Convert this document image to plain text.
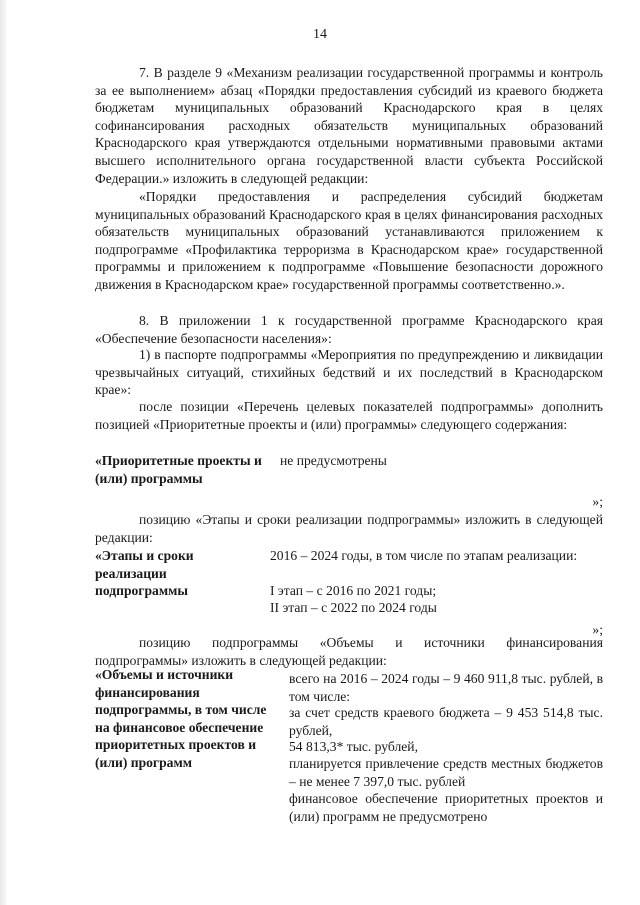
14
7. В разделе 9 «Механизм реализации государственной программы и контроль за ее выполнением» абзац «Порядки предоставления субсидий из краевого бюджета бюджетам муниципальных образований Краснодарского края в целях софинансирования расходных обязательств муниципальных образований Краснодарского края утверждаются отдельными нормативными правовыми актами высшего исполнительного органа государственной власти субъекта Российской Федерации.» изложить в следующей редакции:
«Порядки предоставления и распределения субсидий бюджетам муниципальных образований Краснодарского края в целях финансирования расходных обязательств муниципальных образований устанавливаются приложением к подпрограмме «Профилактика терроризма в Краснодарском крае» государственной программы и приложением к подпрограмме «Повышение безопасности дорожного движения в Краснодарском крае» государственной программы соответственно.».
8. В приложении 1 к государственной программе Краснодарского края «Обеспечение безопасности населения»:
1) в паспорте подпрограммы «Мероприятия по предупреждению и ликвидации чрезвычайных ситуаций, стихийных бедствий и их последствий в Краснодарском крае»:
после позиции «Перечень целевых показателей подпрограммы» дополнить позицией «Приоритетные проекты и (или) программы» следующего содержания:
«Приоритетные проекты и (или) программы
не предусмотрены
»;
позицию «Этапы и сроки реализации подпрограммы» изложить в следующей редакции:
«Этапы и сроки реализации подпрограммы
2016 – 2024 годы, в том числе по этапам реализации:
I этап – с 2016 по 2021 годы;
II этап – с 2022 по 2024 годы
»;
позицию подпрограммы «Объемы и источники финансирования подпрограммы» изложить в следующей редакции:
«Объемы и источники финансирования подпрограммы, в том числе на финансовое обеспечение приоритетных проектов и (или) программ
всего на 2016 – 2024 годы – 9 460 911,8 тыс. рублей, в том числе:
за счет средств краевого бюджета – 9 453 514,8 тыс. рублей,
54 813,3* тыс. рублей,
планируется привлечение средств местных бюджетов – не менее 7 397,0 тыс. рублей
финансовое обеспечение приоритетных проектов и (или) программ не предусмотрено
